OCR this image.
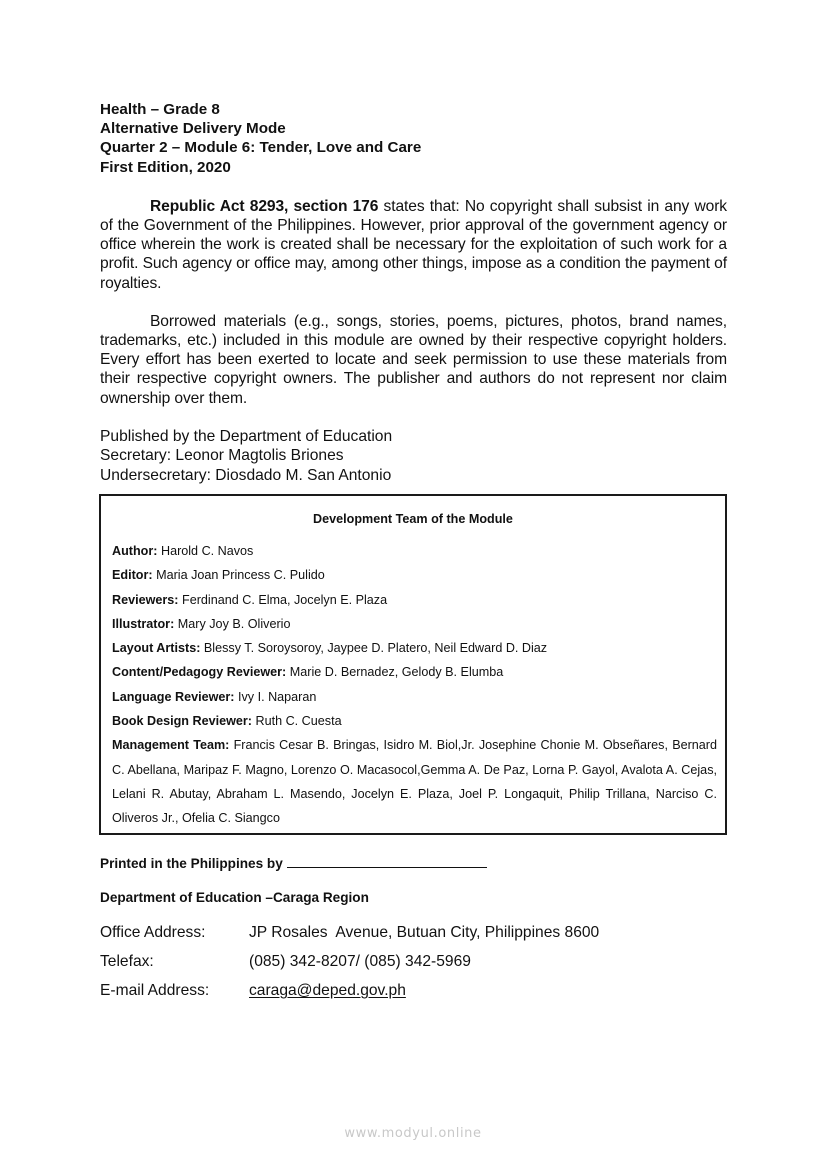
Health – Grade 8
Alternative Delivery Mode
Quarter 2 – Module 6: Tender, Love and Care
First Edition, 2020

Republic Act 8293, section 176 states that: No copyright shall subsist in any work of the Government of the Philippines. However, prior approval of the government agency or office wherein the work is created shall be necessary for the exploitation of such work for a profit. Such agency or office may, among other things, impose as a condition the payment of royalties.

Borrowed materials (e.g., songs, stories, poems, pictures, photos, brand names, trademarks, etc.) included in this module are owned by their respective copyright holders. Every effort has been exerted to locate and seek permission to use these materials from their respective copyright owners. The publisher and authors do not represent nor claim ownership over them.

Published by the Department of Education
Secretary: Leonor Magtolis Briones
Undersecretary: Diosdado M. San Antonio
Development Team of the Module
Author: Harold C. Navos
Editor: Maria Joan Princess C. Pulido
Reviewers: Ferdinand C. Elma, Jocelyn E. Plaza
Illustrator: Mary Joy B. Oliverio
Layout Artists: Blessy T. Soroysoroy, Jaypee D. Platero, Neil Edward D. Diaz
Content/Pedagogy Reviewer: Marie D. Bernadez, Gelody B. Elumba
Language Reviewer: Ivy I. Naparan
Book Design Reviewer: Ruth C. Cuesta
Management Team: Francis Cesar B. Bringas, Isidro M. Biol,Jr. Josephine Chonie M. Obseñares, Bernard C. Abellana, Maripaz F. Magno, Lorenzo O. Macasocol,Gemma A. De Paz, Lorna P. Gayol, Avalota A. Cejas, Lelani R. Abutay, Abraham L. Masendo, Jocelyn E. Plaza, Joel P. Longaquit, Philip Trillana, Narciso C. Oliveros Jr., Ofelia C. Siangco
Printed in the Philippines by
Department of Education –Caraga Region
Office Address:	JP Rosales  Avenue, Butuan City, Philippines 8600
Telefax:	(085) 342-8207/ (085) 342-5969
E-mail Address:	caraga@deped.gov.ph
www.modyul.online
